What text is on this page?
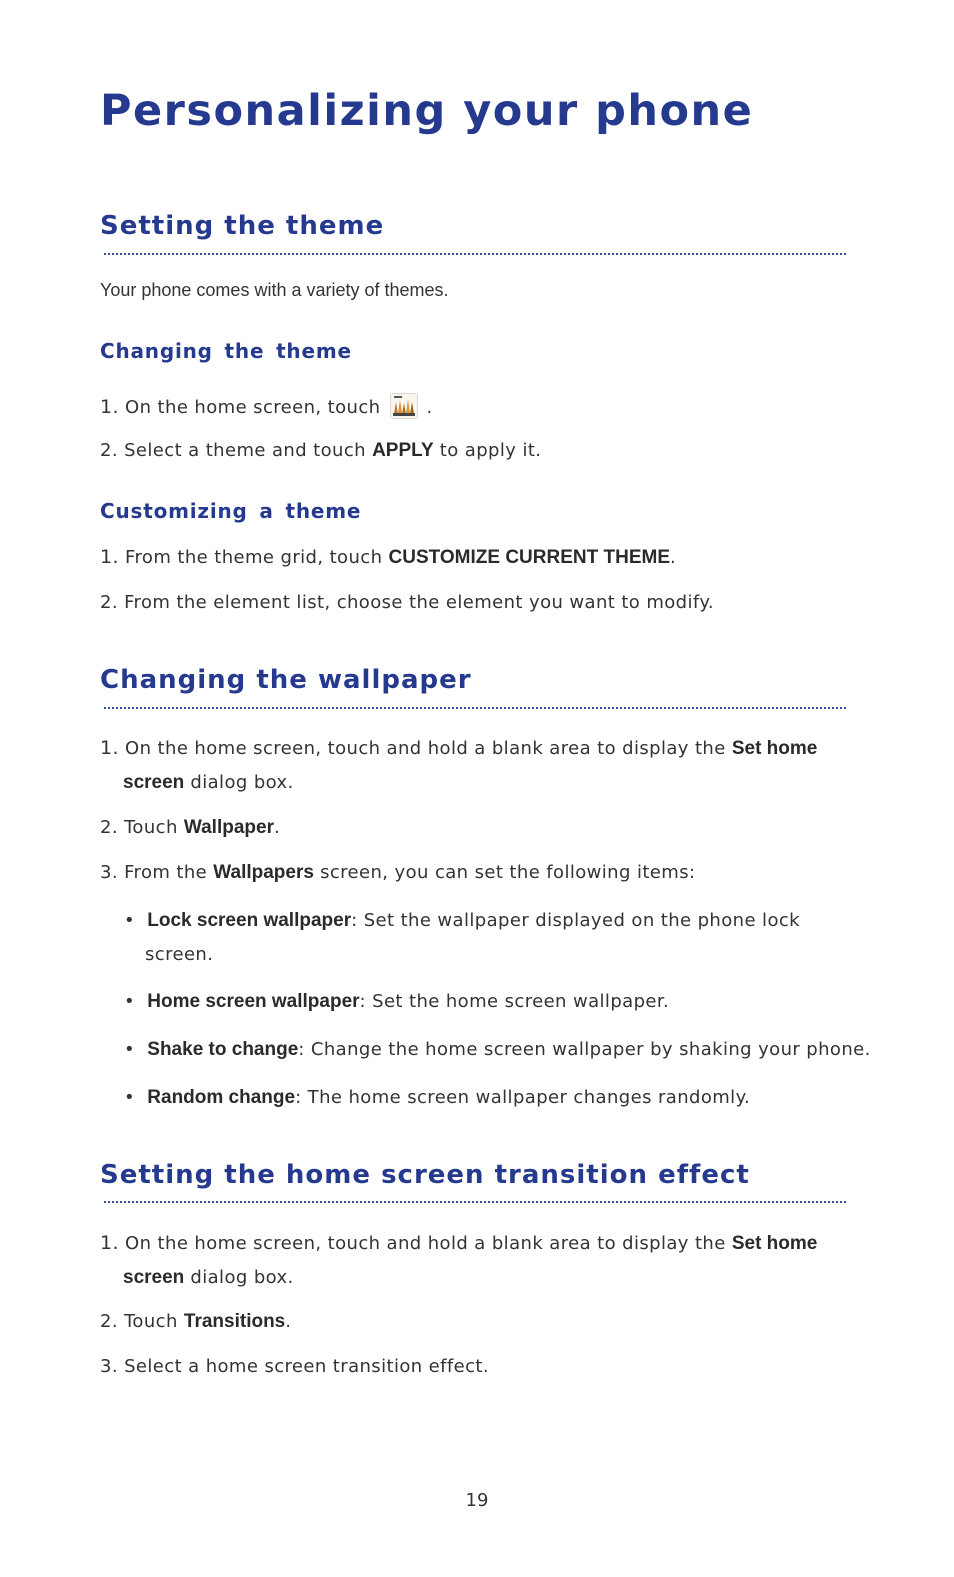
Personalizing your phone
Setting the theme
Your phone comes with a variety of themes.
Changing the theme
1. On the home screen, touch	.
2. Select a theme and touch APPLY to apply it.
Customizing a theme
1. From the theme grid, touch CUSTOMIZE CURRENT THEME.
2. From the element list, choose the element you want to modify.
Changing the wallpaper
1. On the home screen, touch and hold a blank area to display the Set home
screen dialog box.
2. Touch Wallpaper.
3. From the Wallpapers screen, you can set the following items:
• Lock screen wallpaper: Set the wallpaper displayed on the phone lock
screen.
• Home screen wallpaper: Set the home screen wallpaper.
• Shake to change: Change the home screen wallpaper by shaking your phone.
• Random change: The home screen wallpaper changes randomly.
Setting the home screen transition effect
1. On the home screen, touch and hold a blank area to display the Set home
screen dialog box.
2. Touch Transitions.
3. Select a home screen transition effect.
19
